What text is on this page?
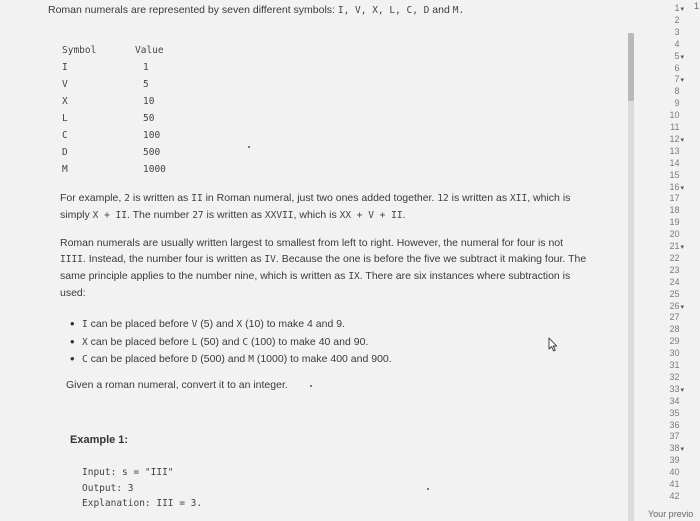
Roman numerals are represented by seven different symbols: I, V, X, L, C, D and M.
Symbol	Value
I	1
V	5
X	10
L	50
C	100
D	500
M	1000
For example, 2 is written as II in Roman numeral, just two ones added together. 12 is written as XII, which is
simply X + II. The number 27 is written as XXVII, which is XX + V + II.
Roman numerals are usually written largest to smallest from left to right. However, the numeral for four is not
IIII. Instead, the number four is written as IV. Because the one is before the five we subtract it making four. The
same principle applies to the number nine, which is written as IX. There are six instances where subtraction is
used:
• I can be placed before V (5) and X (10) to make 4 and 9.
• X can be placed before L (50) and C (100) to make 40 and 90.
• C can be placed before D (500) and M (1000) to make 400 and 900.
Given a roman numeral, convert it to an integer.
Example 1:
Input: s = "III"
Output: 3
Explanation: III = 3.
1▾
2
3
4
5▾
6
7▾
8
9
10
11
12▾
13
14
15
16▾
17
18
19
20
21▾
22
23
24
25
26▾
27
28
29
30
31
32
33▾
34
35
36
37
38▾
39
40
41
42
1
Your previo
